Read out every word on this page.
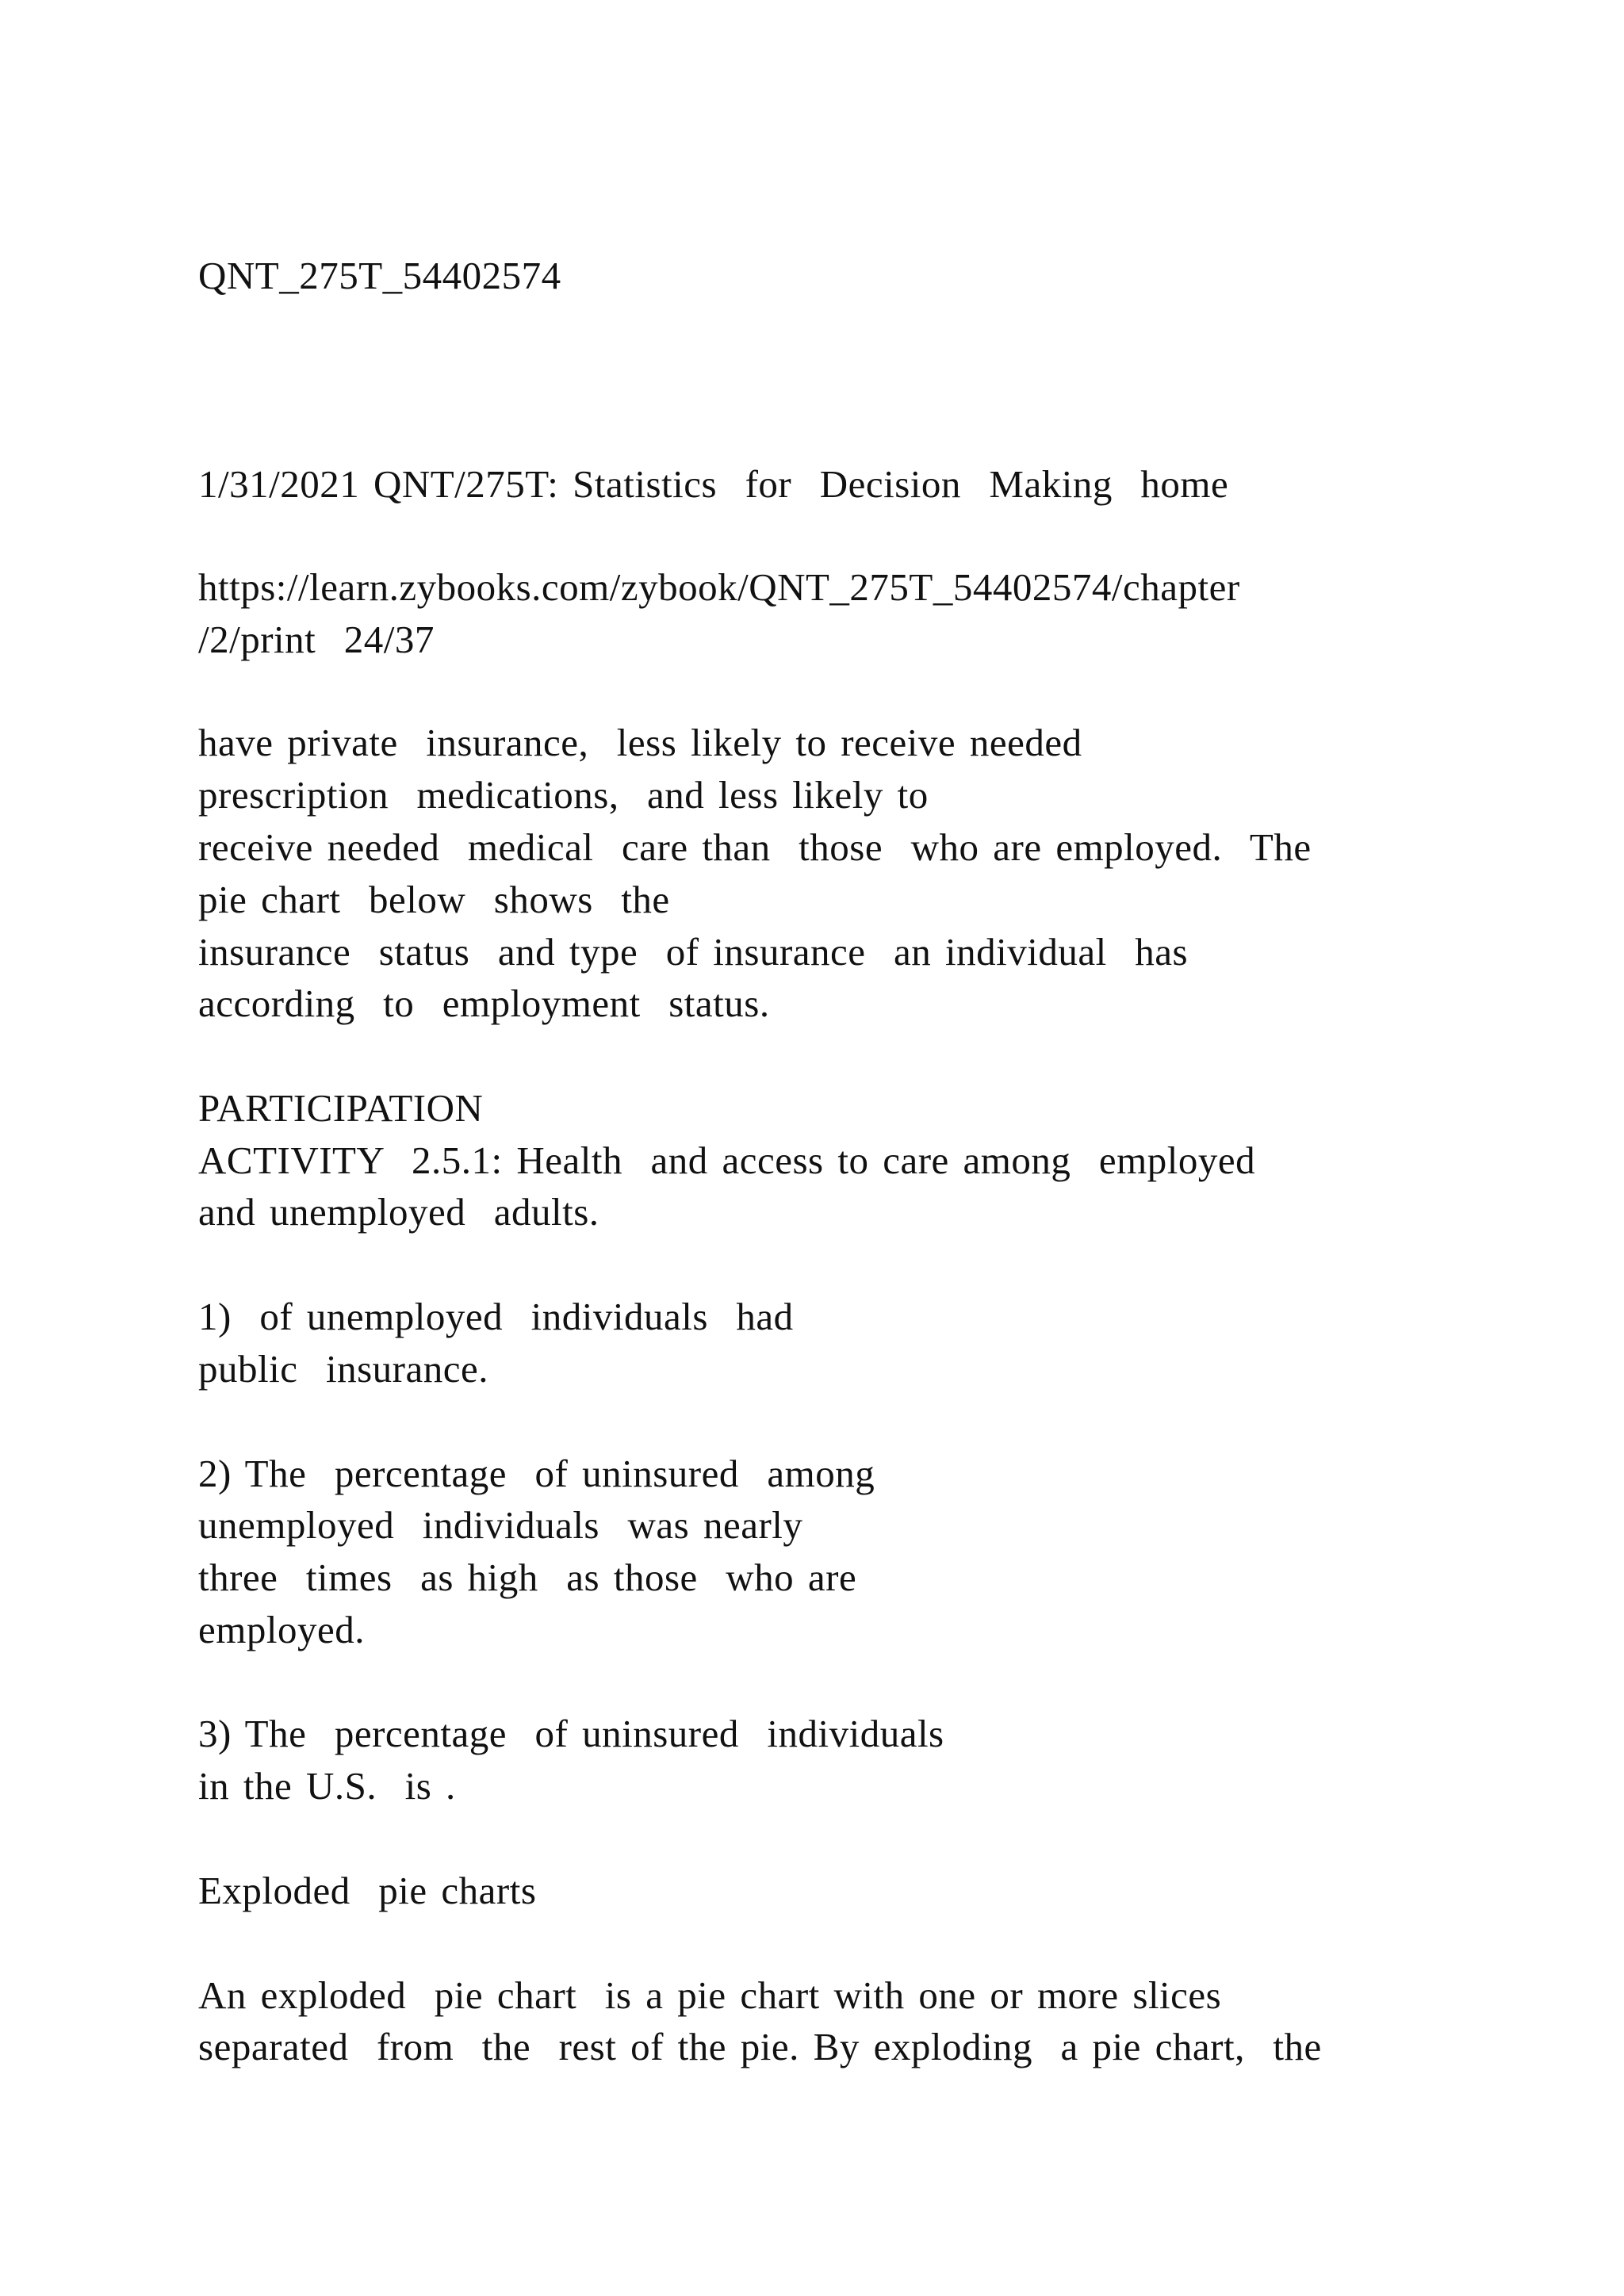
QNT_275T_54402574
1/31/2021 QNT/275T: Statistics  for  Decision  Making  home
https://learn.zybooks.com/zybook/QNT_275T_54402574/chapter
/2/print  24/37
have private  insurance,  less likely to receive needed
prescription  medications,  and less likely to
receive needed  medical  care than  those  who are employed.  The
pie chart  below  shows  the
insurance  status  and type  of insurance  an individual  has
according  to  employment  status.
PARTICIPATION
ACTIVITY  2.5.1: Health  and access to care among  employed
and unemployed  adults.
1)  of unemployed  individuals  had
public  insurance.
2) The  percentage  of uninsured  among
unemployed  individuals  was nearly
three  times  as high  as those  who are
employed.
3) The  percentage  of uninsured  individuals
in the U.S.  is .
Exploded  pie charts
An exploded  pie chart  is a pie chart with one or more slices
separated  from  the  rest of the pie. By exploding  a pie chart,  the
